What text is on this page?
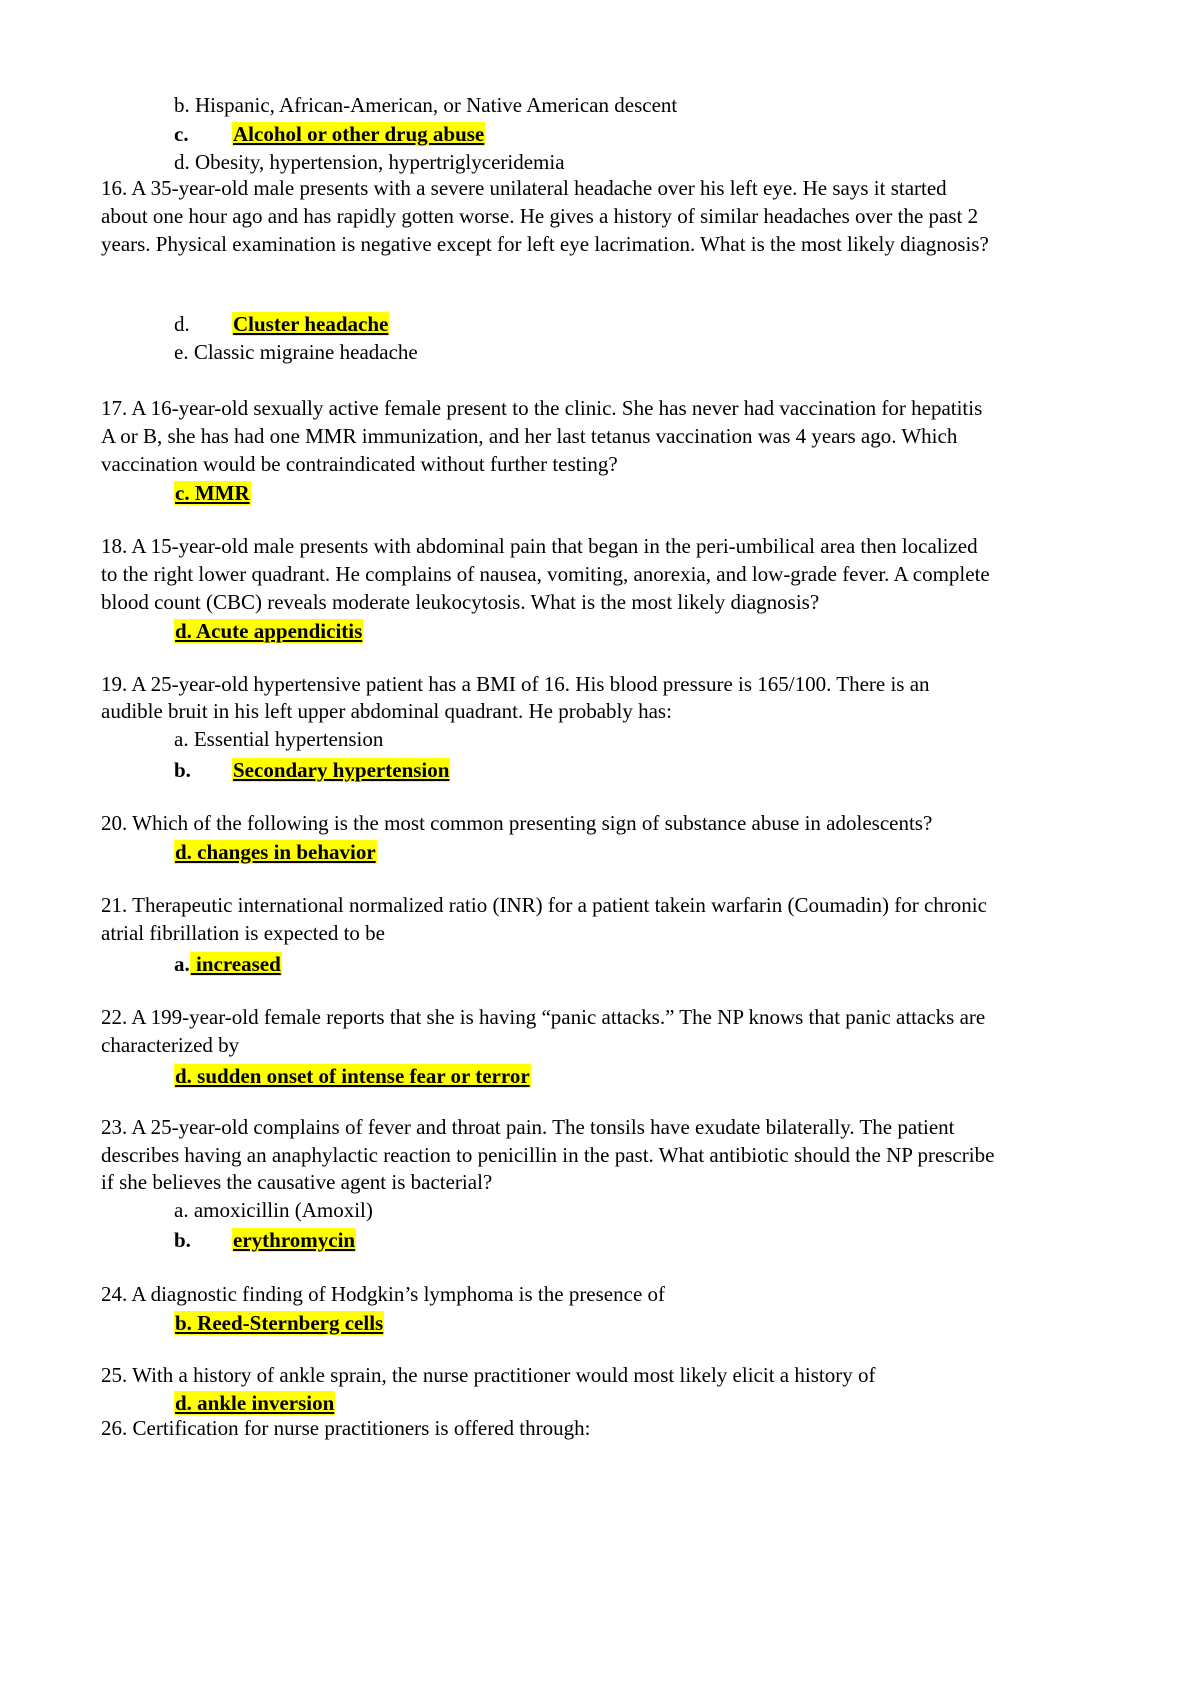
b. Hispanic, African-American, or Native American descent
c. Alcohol or other drug abuse
d. Obesity, hypertension, hypertriglyceridemia
16. A 35-year-old male presents with a severe unilateral headache over his left eye. He says it started
about one hour ago and has rapidly gotten worse. He gives a history of similar headaches over the past 2
years. Physical examination is negative except for left eye lacrimation. What is the most likely diagnosis?
d. Cluster headache
e. Classic migraine headache
17. A 16-year-old sexually active female present to the clinic. She has never had vaccination for hepatitis
A or B, she has had one MMR immunization, and her last tetanus vaccination was 4 years ago. Which
vaccination would be contraindicated without further testing?
c. MMR
18. A 15-year-old male presents with abdominal pain that began in the peri-umbilical area then localized
to the right lower quadrant. He complains of nausea, vomiting, anorexia, and low-grade fever. A complete
blood count (CBC) reveals moderate leukocytosis. What is the most likely diagnosis?
d. Acute appendicitis
19. A 25-year-old hypertensive patient has a BMI of 16. His blood pressure is 165/100. There is an
audible bruit in his left upper abdominal quadrant. He probably has:
a. Essential hypertension
b. Secondary hypertension
20. Which of the following is the most common presenting sign of substance abuse in adolescents?
d. changes in behavior
21. Therapeutic international normalized ratio (INR) for a patient takein warfarin (Coumadin) for chronic
atrial fibrillation is expected to be
a. increased
22. A 199-year-old female reports that she is having “panic attacks.” The NP knows that panic attacks are
characterized by
d. sudden onset of intense fear or terror
23. A 25-year-old complains of fever and throat pain. The tonsils have exudate bilaterally. The patient
describes having an anaphylactic reaction to penicillin in the past. What antibiotic should the NP prescribe
if she believes the causative agent is bacterial?
a. amoxicillin (Amoxil)
b. erythromycin
24. A diagnostic finding of Hodgkin’s lymphoma is the presence of
b. Reed-Sternberg cells
25. With a history of ankle sprain, the nurse practitioner would most likely elicit a history of
d. ankle inversion
26. Certification for nurse practitioners is offered through:
